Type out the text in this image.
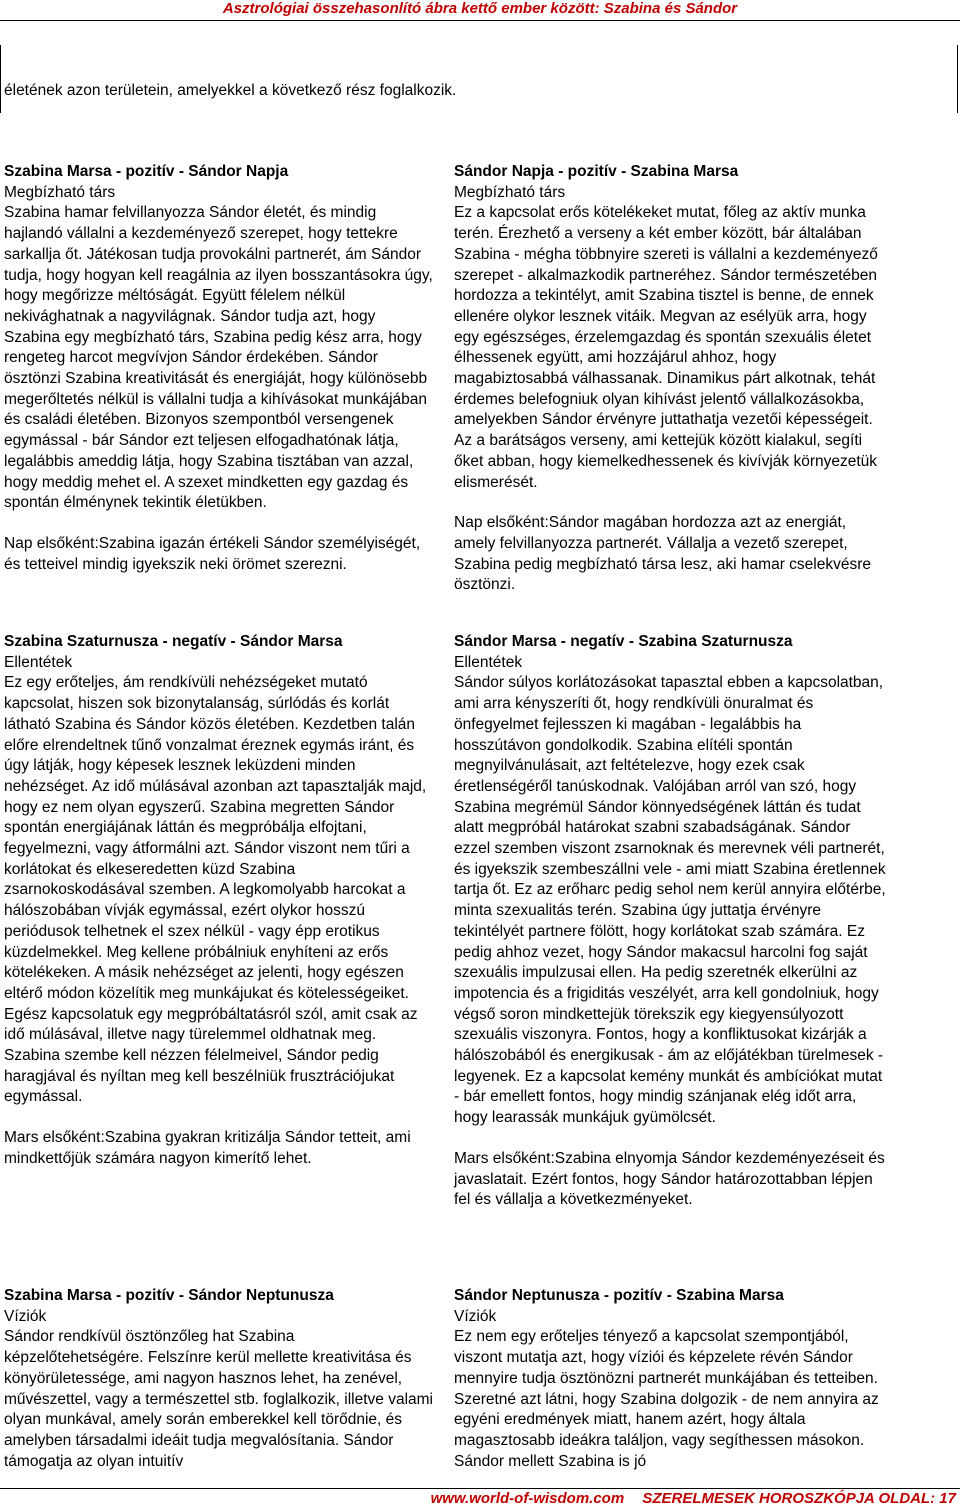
Asztrológiai összehasonlító ábra kettő ember között: Szabina és Sándor
életének azon területein, amelyekkel a következő rész foglalkozik.
Szabina Marsa - pozitív - Sándor Napja
Megbízható társ
Szabina hamar felvillanyozza Sándor életét, és mindig hajlandó vállalni a kezdeményező szerepet, hogy tettekre sarkallja őt. Játékosan tudja provokálni partnerét, ám Sándor tudja, hogy hogyan kell reagálnia az ilyen bosszantásokra úgy, hogy megőrizze méltóságát. Együtt félelem nélkül nekivághatnak a nagyvilágnak. Sándor tudja azt, hogy Szabina egy megbízható társ, Szabina pedig kész arra, hogy rengeteg harcot megvívjon Sándor érdekében. Sándor ösztönzi Szabina kreativitását és energiáját, hogy különösebb megerőltetés nélkül is vállalni tudja a kihívásokat munkájában és családi életében. Bizonyos szempontból versengenek egymással - bár Sándor ezt teljesen elfogadhatónak látja, legalábbis ameddig látja, hogy Szabina tisztában van azzal, hogy meddig mehet el. A szexet mindketten egy gazdag és spontán élménynek tekintik életükben.
Nap elsőként:Szabina igazán értékeli Sándor személyiségét, és tetteivel mindig igyekszik neki örömet szerezni.
Szabina Szaturnusza - negatív - Sándor Marsa
Ellentétek
Ez egy erőteljes, ám rendkívüli nehézségeket mutató kapcsolat, hiszen sok bizonytalanság, súrlódás és korlát látható Szabina és Sándor közös életében. Kezdetben talán előre elrendeltnek tűnő vonzalmat éreznek egymás iránt, és úgy látják, hogy képesek lesznek leküzdeni minden nehézséget. Az idő múlásával azonban azt tapasztalják majd, hogy ez nem olyan egyszerű. Szabina megretten Sándor spontán energiájának láttán és megpróbálja elfojtani, fegyelmezni, vagy átformálni azt. Sándor viszont nem tűri a korlátokat és elkeseredetten küzd Szabina zsarnokoskodásával szemben. A legkomolyabb harcokat a hálószobában vívják egymással, ezért olykor hosszú periódusok telhetnek el szex nélkül - vagy épp erotikus küzdelmekkel. Meg kellene próbálniuk enyhíteni az erős kötelékeken. A másik nehézséget az jelenti, hogy egészen eltérő módon közelítik meg munkájukat és kötelességeiket. Egész kapcsolatuk egy megpróbáltatásról szól, amit csak az idő múlásával, illetve nagy türelemmel oldhatnak meg. Szabina szembe kell nézzen félelmeivel, Sándor pedig haragjával és nyíltan meg kell beszélniük frusztrációjukat egymással.
Mars elsőként:Szabina gyakran kritizálja Sándor tetteit, ami mindkettőjük számára nagyon kimerítő lehet.
Szabina Marsa - pozitív - Sándor Neptunusza
Víziók
Sándor rendkívül ösztönzőleg hat Szabina képzelőtehetségére. Felszínre kerül mellette kreativitása és könyörületessége, ami nagyon hasznos lehet, ha zenével, művészettel, vagy a természettel stb. foglalkozik, illetve valami olyan munkával, amely során emberekkel kell törődnie, és amelyben társadalmi ideáit tudja megvalósítania. Sándor támogatja az olyan intuitív
Sándor Napja - pozitív - Szabina Marsa
Megbízható társ
Ez a kapcsolat erős kötelékeket mutat, főleg az aktív munka terén. Érezhető a verseny a két ember között, bár általában Szabina - mégha többnyire szereti is vállalni a kezdeményező szerepet - alkalmazkodik partneréhez. Sándor természetében hordozza a tekintélyt, amit Szabina tisztel is benne, de ennek ellenére olykor lesznek vitáik. Megvan az esélyük arra, hogy egy egészséges, érzelemgazdag és spontán szexuális életet élhessenek együtt, ami hozzájárul ahhoz, hogy magabiztosabbá válhassanak. Dinamikus párt alkotnak, tehát érdemes belefogniuk olyan kihívást jelentő vállalkozásokba, amelyekben Sándor érvényre juttathatja vezetői képességeit. Az a barátságos verseny, ami kettejük között kialakul, segíti őket abban, hogy kiemelkedhessenek és kivívják környezetük elismerését.
Nap elsőként:Sándor magában hordozza azt az energiát, amely felvillanyozza partnerét. Vállalja a vezető szerepet, Szabina pedig megbízható társa lesz, aki hamar cselekvésre ösztönzi.
Sándor Marsa - negatív - Szabina Szaturnusza
Ellentétek
Sándor súlyos korlátozásokat tapasztal ebben a kapcsolatban, ami arra kényszeríti őt, hogy rendkívüli önuralmat és önfegyelmet fejlesszen ki magában - legalábbis ha hosszútávon gondolkodik. Szabina elítéli spontán megnyilvánulásait, azt feltételezve, hogy ezek csak éretlenségéről tanúskodnak. Valójában arról van szó, hogy Szabina megrémül Sándor könnyedségének láttán és tudat alatt megpróbál határokat szabni szabadságának. Sándor ezzel szemben viszont zsarnoknak és merevnek véli partnerét, és igyekszik szembeszállni vele - ami miatt Szabina éretlennek tartja őt. Ez az erőharc pedig sehol nem kerül annyira előtérbe, minta szexualitás terén. Szabina úgy juttatja érvényre tekintélyét partnere fölött, hogy korlátokat szab számára. Ez pedig ahhoz vezet, hogy Sándor makacsul harcolni fog saját szexuális impulzusai ellen. Ha pedig szeretnék elkerülni az impotencia és a frigiditás veszélyét, arra kell gondolniuk, hogy végső soron mindkettejük törekszik egy kiegyensúlyozott szexuális viszonyra. Fontos, hogy a konfliktusokat kizárják a hálószobából és energikusak - ám az előjátékban türelmesek - legyenek. Ez a kapcsolat kemény munkát és ambíciókat mutat - bár emellett fontos, hogy mindig szánjanak elég időt arra, hogy learassák munkájuk gyümölcsét.
Mars elsőként:Szabina elnyomja Sándor kezdeményezéseit és javaslatait. Ezért fontos, hogy Sándor határozottabban lépjen fel és vállalja a következményeket.
Sándor Neptunusza - pozitív - Szabina Marsa
Víziók
Ez nem egy erőteljes tényező a kapcsolat szempontjából, viszont mutatja azt, hogy víziói és képzelete révén Sándor mennyire tudja ösztönözni partnerét munkájában és tetteiben. Szeretné azt látni, hogy Szabina dolgozik - de nem annyira az egyéni eredmények miatt, hanem azért, hogy általa magasztosabb ideákra találjon, vagy segíthessen másokon. Sándor mellett Szabina is jó
www.world-of-wisdom.com SZERELMESEK HOROSZKÓPJA OLDAL: 17
